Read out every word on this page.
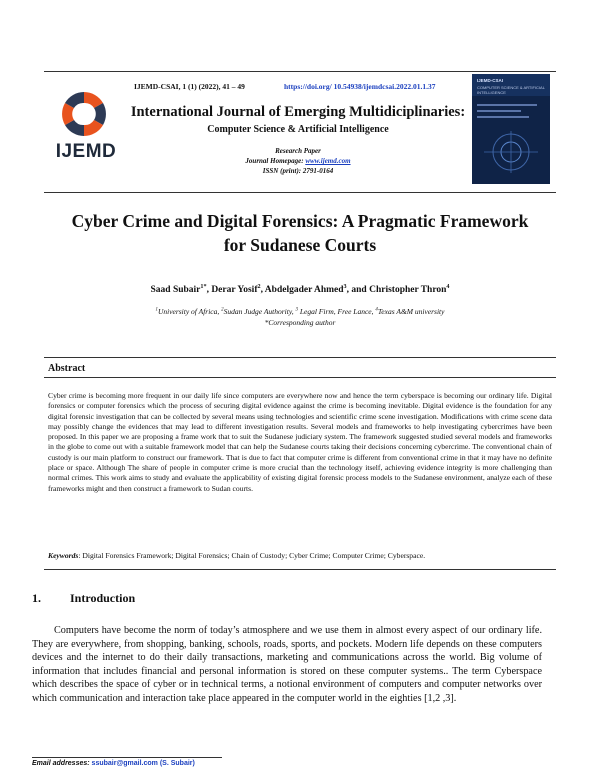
IJEMD
IJEMD-CSAI, 1 (1) (2022), 41 – 49	https://doi.org/ 10.54938/ijemdcsai.2022.01.1.37
International Journal of Emerging Multidiciplinaries:
Computer Science & Artificial Intelligence
Research Paper
Journal Homepage: www.ijemd.com
ISSN (print): 2791-0164
IJEMD-CSAI
COMPUTER SCIENCE & ARTIFICIAL INTELLIGENCE
Cyber Crime and Digital Forensics: A Pragmatic Framework
for Sudanese Courts
Saad Subair$^{1*}$, Derar Yosif$^2$, Abdelgader Ahmed$^3$, and Christopher Thron$^4$
$^1$University of Africa, $^2$Sudan Judge Authority, $^3$ Legal Firm, Free Lance, $^4$Texas A&M university
*Corresponding author
Abstract
Cyber crime is becoming more frequent in our daily life since computers are everywhere now and hence the term cyberspace is becoming our ordinary life. Digital forensics or computer forensics which the process of securing digital evidence against the crime is becoming inevitable. Digital evidence is the foundation for any digital forensic investigation that can be collected by several means using technologies and scientific crime scene investigation. Modifications with crime scene data may possibly change the evidences that may lead to different investigation results. Several models and frameworks to help investigating cybercrimes have been proposed. In this paper we are proposing a frame work that to suit the Sudanese judiciary system. The framework suggested studied several models and frameworks in the globe to come out with a suitable framework model that can help the Sudanese courts taking their decisions concerning cybercrime. The conventional chain of custody is our main platform to construct our framework. That is due to fact that computer crime is different from conventional crime in that it may have no definite place or space. Although The share of people in computer crime is more crucial than the technology itself, achieving evidence integrity is more challenging than normal crimes. This work aims to study and evaluate the applicability of existing digital forensic process models to the Sudanese environment, analyze each of these frameworks might and then construct a framework to Sudan courts.
Keywords: Digital Forensics Framework; Digital Forensics; Chain of Custody; Cyber Crime; Computer Crime; Cyberspace.
1. Introduction
Computers have become the norm of today’s atmosphere and we use them in almost every aspect of our ordinary life. They are everywhere, from shopping, banking, schools, roads, sports, and pockets. Modern life depends on these computers devices and the internet to do their daily transactions, marketing and communications across the world. Big volume of information that includes financial and personal information is stored on these computer systems.. The term Cyberspace which describes the space of cyber or in technical terms, a notional environment of computers and computer networks over which communication and interaction take place appeared in the computer world in the eighties [1,2 ,3].
Email addresses: ssubair@gmail.com (S. Subair)
